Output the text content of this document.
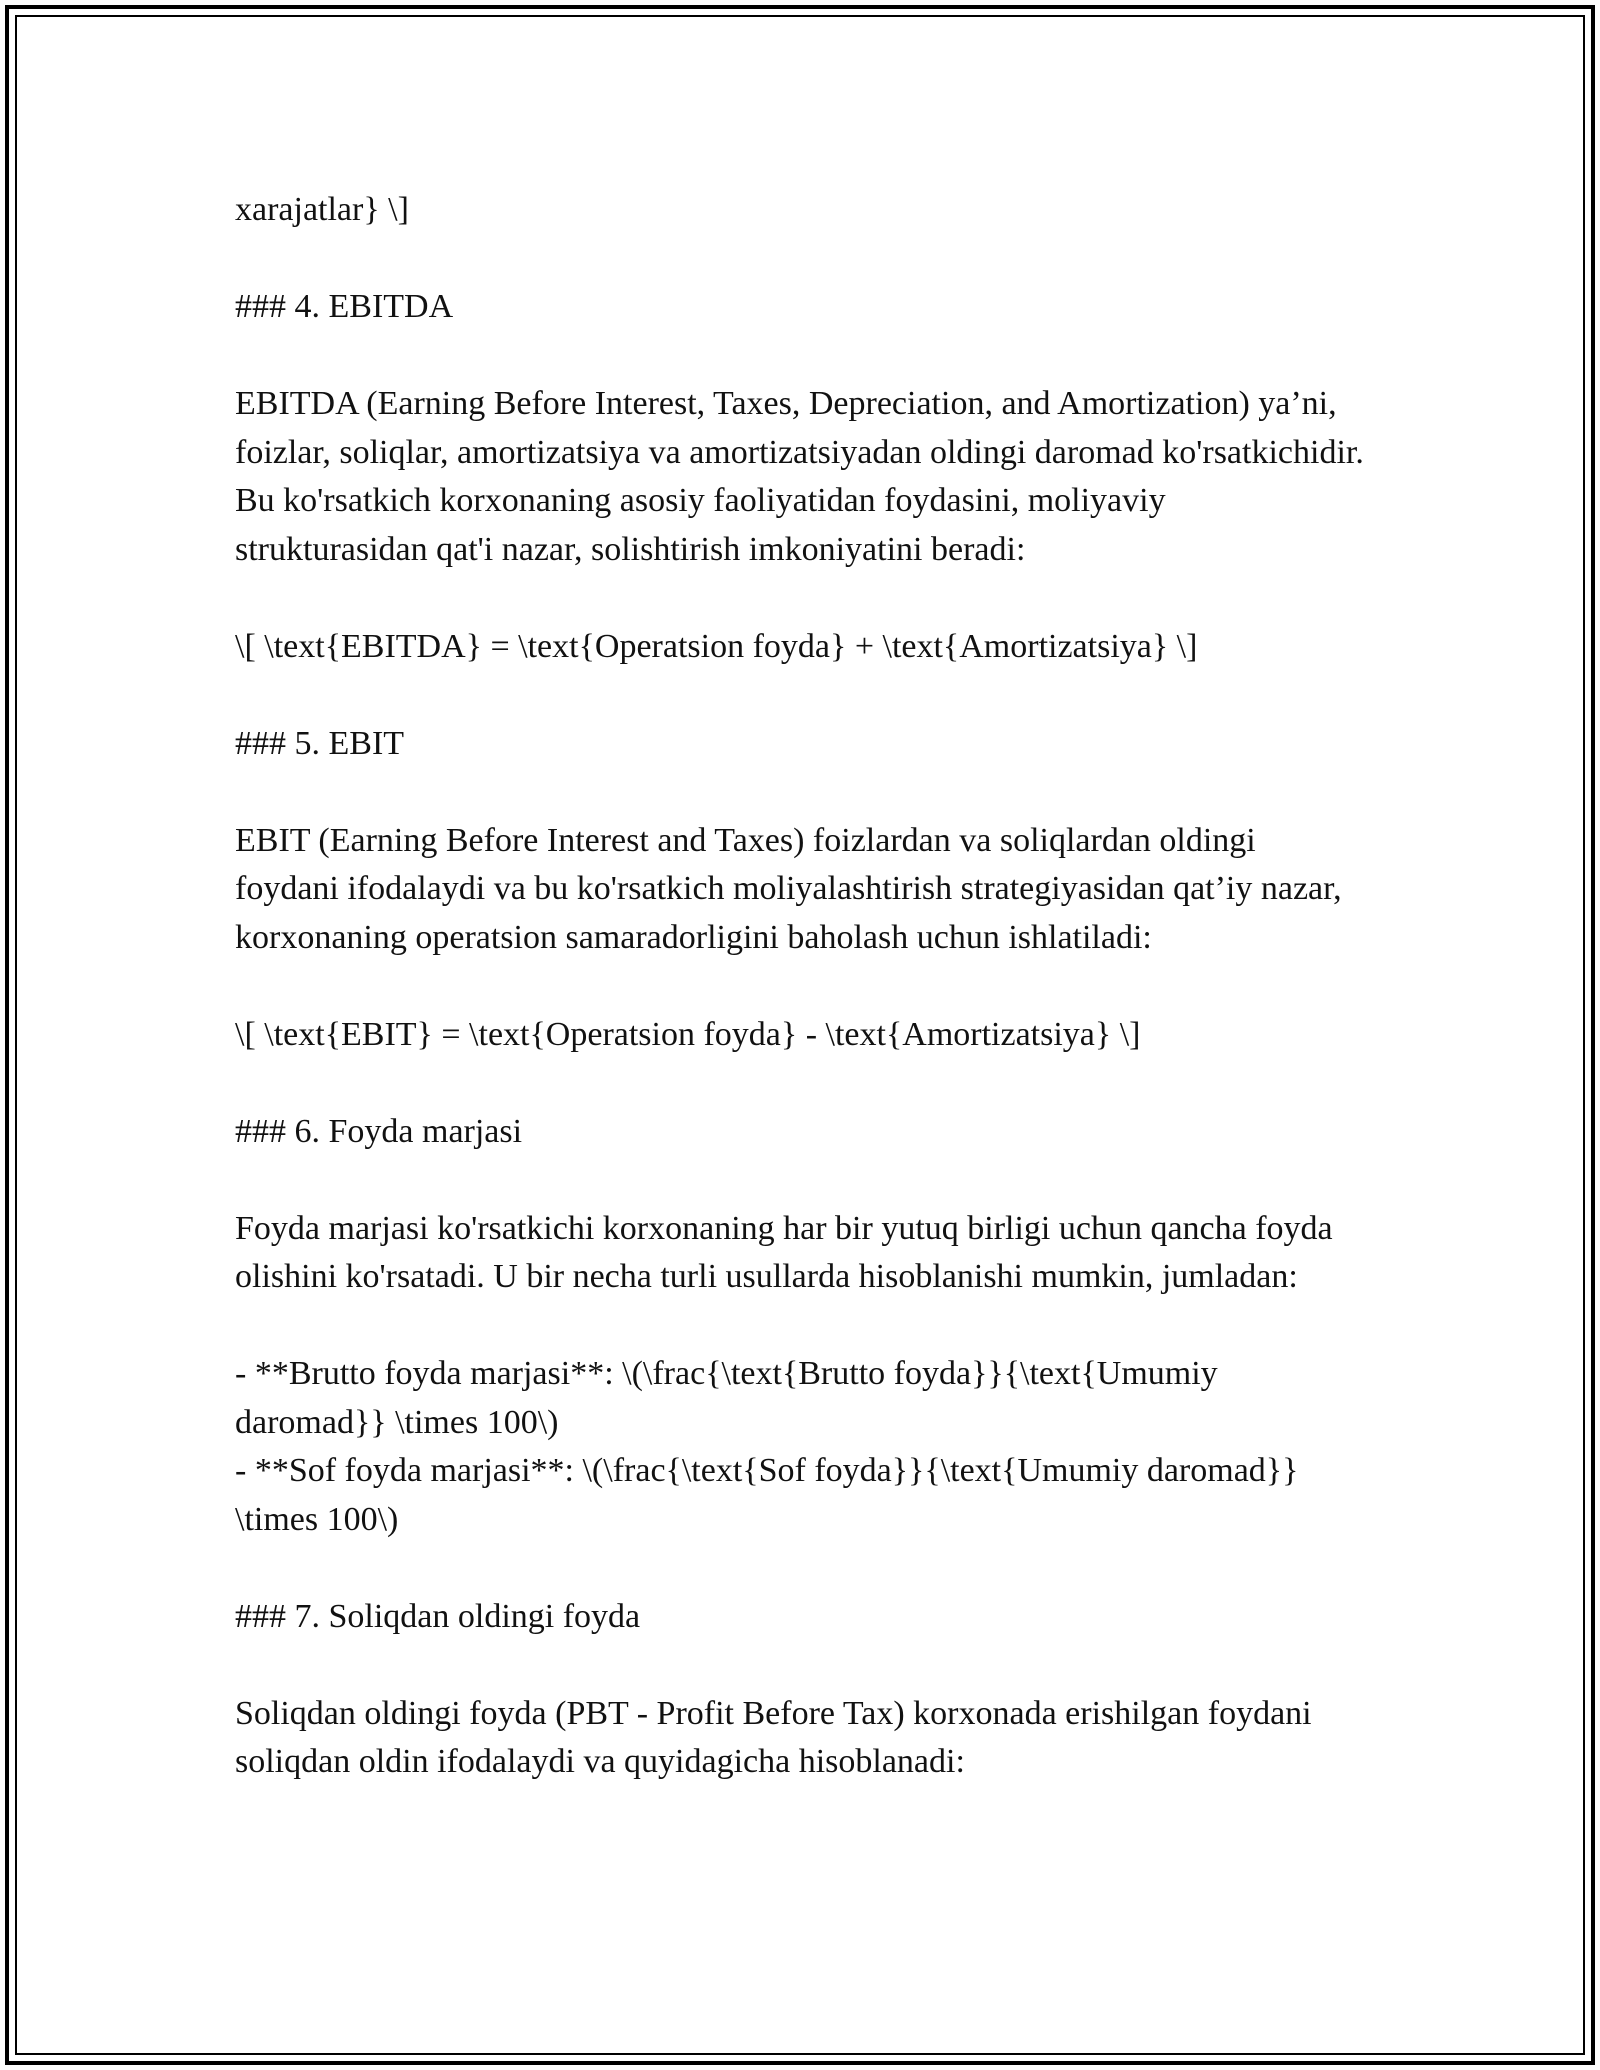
xarajatlar} \]

### 4. EBITDA

EBITDA (Earning Before Interest, Taxes, Depreciation, and Amortization) ya’ni, foizlar, soliqlar, amortizatsiya va amortizatsiyadan oldingi daromad ko'rsatkichidir. Bu ko'rsatkich korxonaning asosiy faoliyatidan foydasini, moliyaviy strukturasidan qat'i nazar, solishtirish imkoniyatini beradi:

\[ \text{EBITDA} = \text{Operatsion foyda} + \text{Amortizatsiya} \]

### 5. EBIT

EBIT (Earning Before Interest and Taxes) foizlardan va soliqlardan oldingi foydani ifodalaydi va bu ko'rsatkich moliyalashtirish strategiyasidan qat’iy nazar, korxonaning operatsion samaradorligini baholash uchun ishlatiladi:

\[ \text{EBIT} = \text{Operatsion foyda} - \text{Amortizatsiya} \]

### 6. Foyda marjasi

Foyda marjasi ko'rsatkichi korxonaning har bir yutuq birligi uchun qancha foyda olishini ko'rsatadi. U bir necha turli usullarda hisoblanishi mumkin, jumladan:

- **Brutto foyda marjasi**: \(\frac{\text{Brutto foyda}}{\text{Umumiy daromad}} \times 100\)
- **Sof foyda marjasi**: \(\frac{\text{Sof foyda}}{\text{Umumiy daromad}} \times 100\)

### 7. Soliqdan oldingi foyda

Soliqdan oldingi foyda (PBT - Profit Before Tax) korxonada erishilgan foydani soliqdan oldin ifodalaydi va quyidagicha hisoblanadi:
